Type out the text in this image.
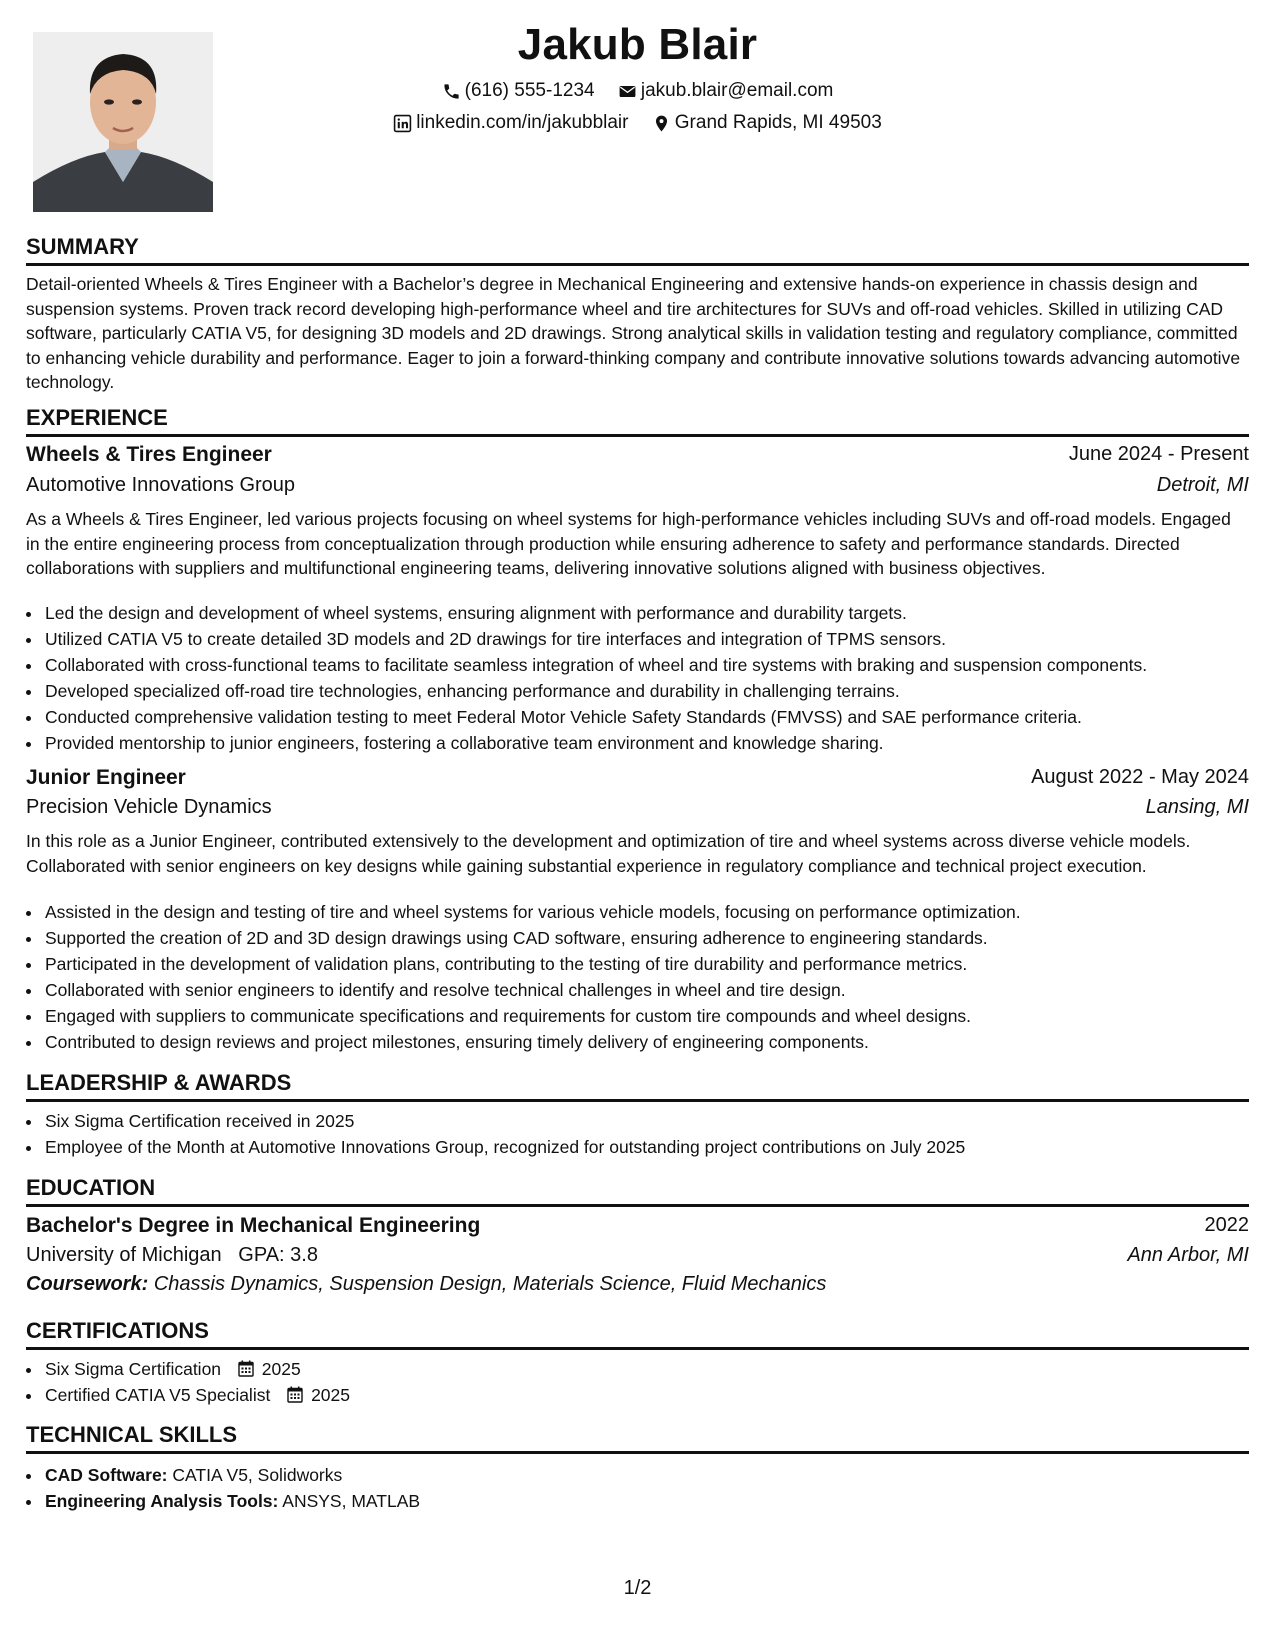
Jakub Blair
(616) 555-1234
jakub.blair@email.com
linkedin.com/in/jakubblair
Grand Rapids, MI 49503
SUMMARY
Detail-oriented Wheels & Tires Engineer with a Bachelor’s degree in Mechanical Engineering and extensive hands-on experience in chassis design and suspension systems. Proven track record developing high-performance wheel and tire architectures for SUVs and off-road vehicles. Skilled in utilizing CAD software, particularly CATIA V5, for designing 3D models and 2D drawings. Strong analytical skills in validation testing and regulatory compliance, committed to enhancing vehicle durability and performance. Eager to join a forward-thinking company and contribute innovative solutions towards advancing automotive technology.
EXPERIENCE
Wheels & Tires Engineer	June 2024 - Present
Automotive Innovations Group	Detroit, MI
As a Wheels & Tires Engineer, led various projects focusing on wheel systems for high-performance vehicles including SUVs and off-road models. Engaged in the entire engineering process from conceptualization through production while ensuring adherence to safety and performance standards. Directed collaborations with suppliers and multifunctional engineering teams, delivering innovative solutions aligned with business objectives.
• Led the design and development of wheel systems, ensuring alignment with performance and durability targets.
• Utilized CATIA V5 to create detailed 3D models and 2D drawings for tire interfaces and integration of TPMS sensors.
• Collaborated with cross-functional teams to facilitate seamless integration of wheel and tire systems with braking and suspension components.
• Developed specialized off-road tire technologies, enhancing performance and durability in challenging terrains.
• Conducted comprehensive validation testing to meet Federal Motor Vehicle Safety Standards (FMVSS) and SAE performance criteria.
• Provided mentorship to junior engineers, fostering a collaborative team environment and knowledge sharing.
Junior Engineer	August 2022 - May 2024
Precision Vehicle Dynamics	Lansing, MI
In this role as a Junior Engineer, contributed extensively to the development and optimization of tire and wheel systems across diverse vehicle models. Collaborated with senior engineers on key designs while gaining substantial experience in regulatory compliance and technical project execution.
• Assisted in the design and testing of tire and wheel systems for various vehicle models, focusing on performance optimization.
• Supported the creation of 2D and 3D design drawings using CAD software, ensuring adherence to engineering standards.
• Participated in the development of validation plans, contributing to the testing of tire durability and performance metrics.
• Collaborated with senior engineers to identify and resolve technical challenges in wheel and tire design.
• Engaged with suppliers to communicate specifications and requirements for custom tire compounds and wheel designs.
• Contributed to design reviews and project milestones, ensuring timely delivery of engineering components.
LEADERSHIP & AWARDS
• Six Sigma Certification received in 2025
• Employee of the Month at Automotive Innovations Group, recognized for outstanding project contributions on July 2025
EDUCATION
Bachelor's Degree in Mechanical Engineering	2022
University of Michigan GPA: 3.8	Ann Arbor, MI
Coursework:
Chassis Dynamics, Suspension Design, Materials Science, Fluid Mechanics
CERTIFICATIONS
• Six Sigma Certification 2025
• Certified CATIA V5 Specialist 2025
TECHNICAL SKILLS
• CAD Software: CATIA V5, Solidworks
• Engineering Analysis Tools: ANSYS, MATLAB
1/2
